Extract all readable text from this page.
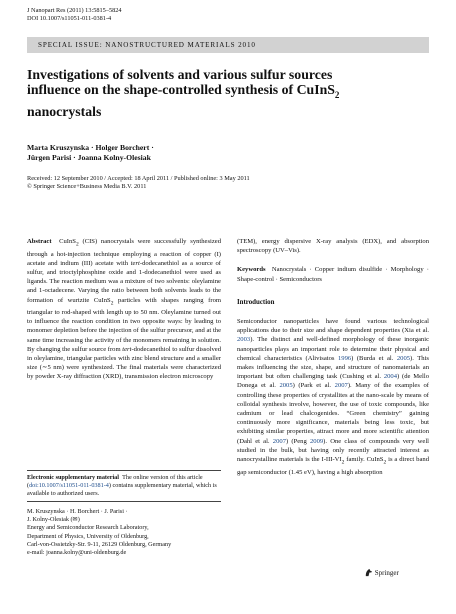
J Nanopart Res (2011) 13:5815–5824
DOI 10.1007/s11051-011-0381-4
SPECIAL ISSUE: NANOSTRUCTURED MATERIALS 2010
Investigations of solvents and various sulfur sources
influence on the shape-controlled synthesis of CuInS$_2$
nanocrystals
Marta Kruszynska · Holger Borchert ·
Jürgen Parisi · Joanna Kolny-Olesiak
Received: 12 September 2010 / Accepted: 18 April 2011 / Published online: 3 May 2011
© Springer Science+Business Media B.V. 2011

Abstract CuInS$_2$ (CIS) nanocrystals were successfully synthesized through a hot-injection technique employing a reaction of copper (I) acetate and indium (III) acetate with tert-dodecanethiol as a source of sulfur, and trioctylphosphine oxide and 1-dodecanethiol were used as ligands. The reaction medium was a mixture of two solvents: oleylamine and 1-octadecene. Varying the ratio between both solvents leads to the formation of wurtzite CuInS$_2$ particles with shapes ranging from triangular to rod-shaped with length up to 50 nm. Oleylamine turned out to influence the reaction condition in two opposite ways: by leading to monomer depletion before the injection of the sulfur precursor, and at the same time increasing the activity of the monomers remaining in solution. By changing the sulfur source from tert-dodecanethiol to sulfur dissolved in oleylamine, triangular particles with zinc blend structure and a smaller size (∼5 nm) were synthesized. The final materials were characterized by powder X-ray diffraction (XRD), transmission electron microscopy

Electronic supplementary material The online version of this article (doi:10.1007/s11051-011-0381-4) contains supplementary material, which is available to authorized users.
M. Kruszynska · H. Borchert · J. Parisi ·
J. Kolny-Olesiak (✉)
Energy and Semiconductor Research Laboratory,
Department of Physics, University of Oldenburg,
Carl-von-Ossietzky-Str. 9-11, 26129 Oldenburg, Germany
e-mail: joanna.kolny@uni-oldenburg.de

(TEM), energy dispersive X-ray analysis (EDX), and absorption spectroscopy (UV–Vis).

Keywords Nanocrystals · Copper indium disulfide · Morphology · Shape-control · Semiconductors

Introduction

Semiconductor nanoparticles have found various technological applications due to their size and shape dependent properties (Xia et al. 2003). The distinct and well-defined morphology of these inorganic nanoparticles plays an important role to determine their physical and chemical characteristics (Alivisatos 1996) (Burda et al. 2005). This makes influencing the size, shape, and structure of nanomaterials an important but often challenging task (Cushing et al. 2004) (de Mello Donega et al. 2005) (Park et al. 2007). Many of the examples of controlling these properties of crystallites at the nano-scale by means of colloidal synthesis involve, however, the use of toxic compounds, like cadmium or lead chalcogenides. “Green chemistry” gaining continuously more significance, materials being less toxic, but exhibiting similar properties, attract more and more scientific attention (Dahl et al. 2007) (Peng 2009). One class of compounds very well studied in the bulk, but having only recently attracted interest as nanocrystalline materials is the $I-III-VI_2$ family. CuInS$_2$ is a direct band gap semiconductor (1.45 eV), having a high absorption

Springer
